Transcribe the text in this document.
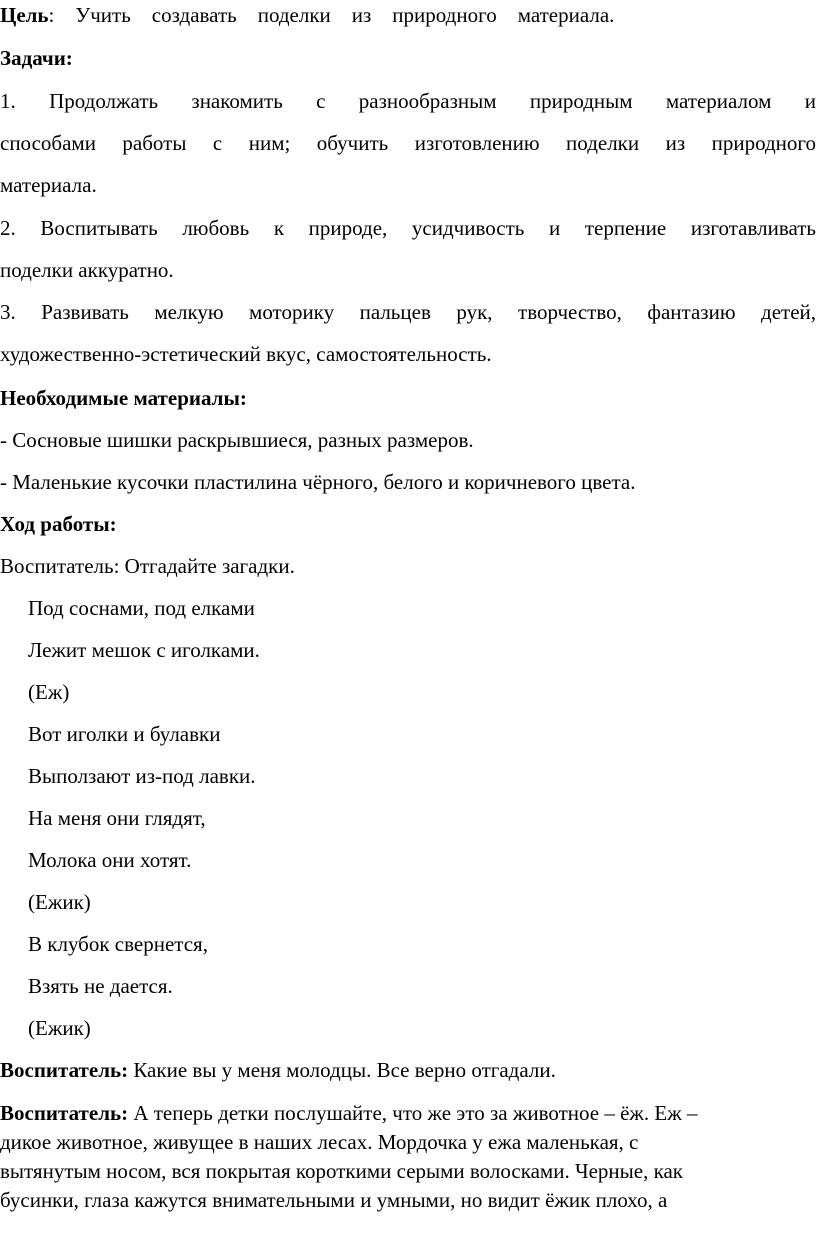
Цель:    Учить    создавать    поделки    из    природного    материала.
Задачи:
1. Продолжать знакомить с разнообразным природным материалом и
способами работы с ним; обучить изготовлению поделки из природного
материала.
2. Воспитывать любовь к природе, усидчивость и терпение изготавливать
поделки аккуратно.
3. Развивать мелкую моторику пальцев рук, творчество, фантазию детей,
художественно-эстетический вкус, самостоятельность.
Необходимые материалы:
- Сосновые шишки раскрывшиеся, разных размеров.
- Маленькие кусочки пластилина чёрного, белого и коричневого цвета.
Ход работы:
Воспитатель: Отгадайте загадки.
Под соснами, под елками
Лежит мешок с иголками.
(Еж)
Вот иголки и булавки
Выползают из-под лавки.
На меня они глядят,
Молока они хотят.
(Ежик)
В клубок свернется,
Взять не дается.
(Ежик)
Воспитатель: Какие вы у меня молодцы. Все верно отгадали.
Воспитатель: А теперь детки послушайте, что же это за животное – ёж. Еж –
дикое животное, живущее в наших лесах. Мордочка у ежа маленькая, с
вытянутым носом, вся покрытая короткими серыми волосками. Черные, как
бусинки, глаза кажутся внимательными и умными, но видит ёжик плохо, а
